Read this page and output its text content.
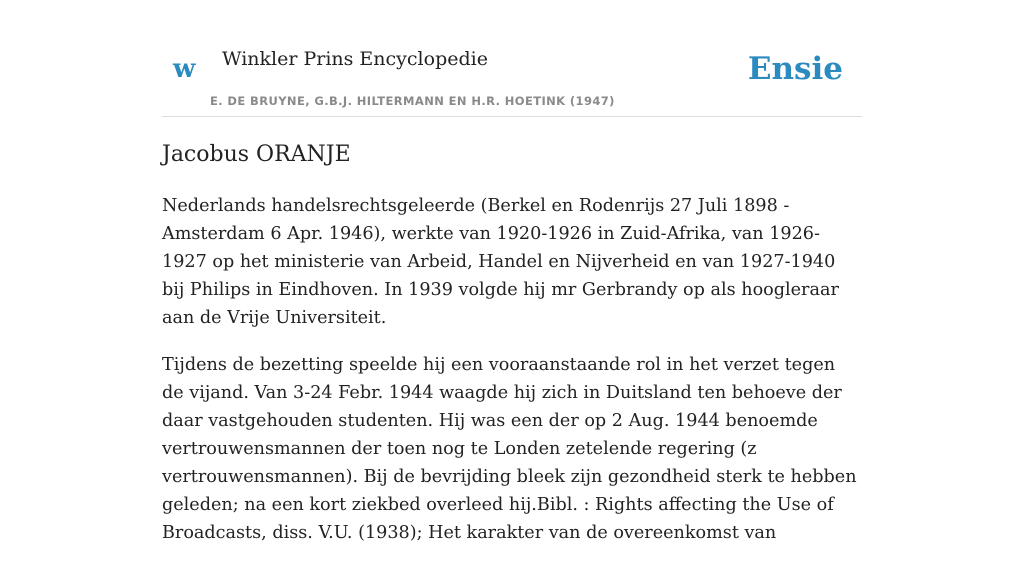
w Winkler Prins Encyclopedie
E. DE BRUYNE, G.B.J. HILTERMANN EN H.R. HOETINK (1947)
Ensie
Jacobus ORANJE

Nederlands handelsrechtsgeleerde (Berkel en Rodenrijs 27 Juli 1898 - Amsterdam 6 Apr. 1946), werkte van 1920-1926 in Zuid-Afrika, van 1926-1927 op het ministerie van Arbeid, Handel en Nijverheid en van 1927-1940 bij Philips in Eindhoven. In 1939 volgde hij mr Gerbrandy op als hoogleraar aan de Vrije Universiteit.

Tijdens de bezetting speelde hij een vooraanstaande rol in het verzet tegen de vijand. Van 3-24 Febr. 1944 waagde hij zich in Duitsland ten behoeve der daar vastgehouden studenten. Hij was een der op 2 Aug. 1944 benoemde vertrouwensmannen der toen nog te Londen zetelende regering (z vertrouwensmannen). Bij de bevrijding bleek zijn gezondheid sterk te hebben geleden; na een kort ziekbed overleed hij.Bibl. : Rights affecting the Use of Broadcasts, diss. V.U. (1938); Het karakter van de overeenkomst van
